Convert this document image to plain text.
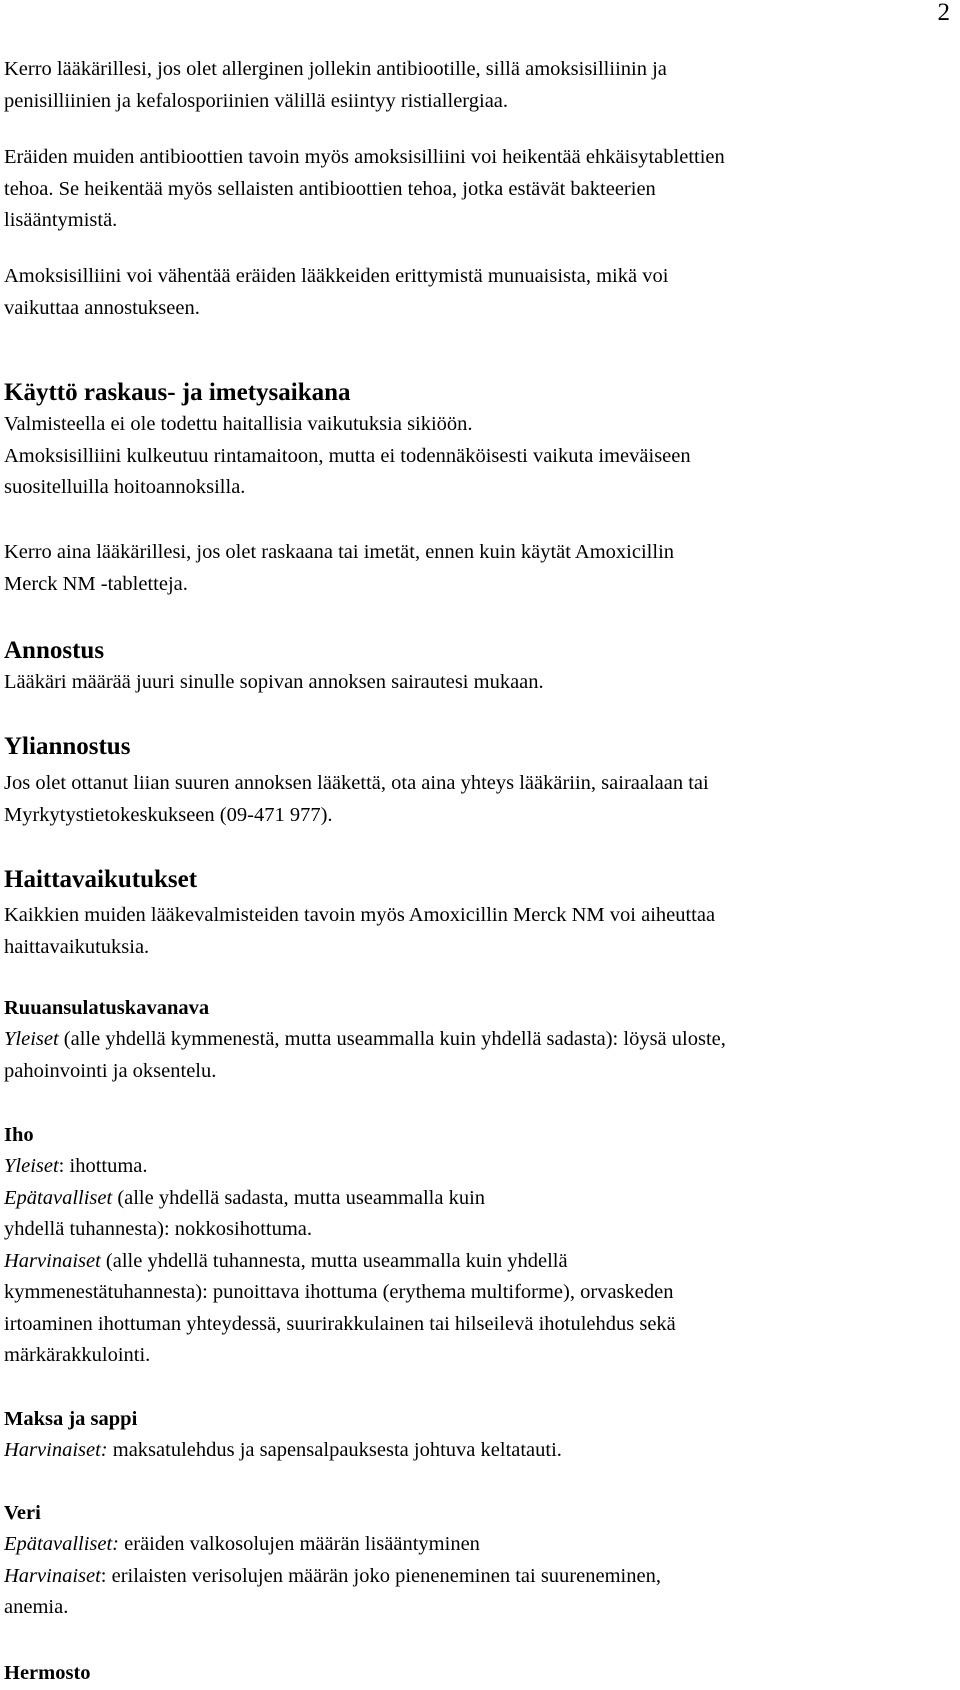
2
Kerro lääkärillesi, jos olet allerginen jollekin antibiootille, sillä amoksisilliinin ja
penisilliinien ja kefalosporiinien välillä esiintyy ristiallergiaa.
Eräiden muiden antibioottien tavoin myös amoksisilliini voi heikentää ehkäisytablettien
tehoa. Se heikentää myös sellaisten antibioottien tehoa, jotka estävät bakteerien
lisääntymistä.
Amoksisilliini voi vähentää eräiden lääkkeiden erittymistä munuaisista, mikä voi
vaikuttaa annostukseen.
Käyttö raskaus- ja imetysaikana
Valmisteella ei ole todettu haitallisia vaikutuksia sikiöön.
Amoksisilliini kulkeutuu rintamaitoon, mutta ei todennäköisesti vaikuta imeväiseen
suositelluilla hoitoannoksilla.
Kerro aina lääkärillesi, jos olet raskaana tai imetät, ennen kuin käytät Amoxicillin
Merck NM -tabletteja.
Annostus
Lääkäri määrää juuri sinulle sopivan annoksen sairautesi mukaan.
Yliannostus
Jos olet ottanut liian suuren annoksen lääkettä, ota aina yhteys lääkäriin, sairaalaan tai
Myrkytystietokeskukseen (09-471 977).
Haittavaikutukset
Kaikkien muiden lääkevalmisteiden tavoin myös Amoxicillin Merck NM voi aiheuttaa
haittavaikutuksia.
Ruuansulatuskavanava
Yleiset (alle yhdellä kymmenestä, mutta useammalla kuin yhdellä sadasta): löysä uloste,
pahoinvointi ja oksentelu.
Iho
Yleiset: ihottuma.
Epätavalliset (alle yhdellä sadasta, mutta useammalla kuin
yhdellä tuhannesta): nokkosihottuma.
Harvinaiset (alle yhdellä tuhannesta, mutta useammalla kuin yhdellä
kymmenestätuhannesta): punoittava ihottuma (erythema multiforme), orvaskeden
irtoaminen ihottuman yhteydessä, suurirakkulainen tai hilseilevä ihotulehdus sekä
märkärakkulointi.
Maksa ja sappi
Harvinaiset: maksatulehdus ja sapensalpauksesta johtuva keltatauti.
Veri
Epätavalliset: eräiden valkosolujen määrän lisääntyminen
Harvinaiset: erilaisten verisolujen määrän joko pieneneminen tai suureneminen,
anemia.
Hermosto
